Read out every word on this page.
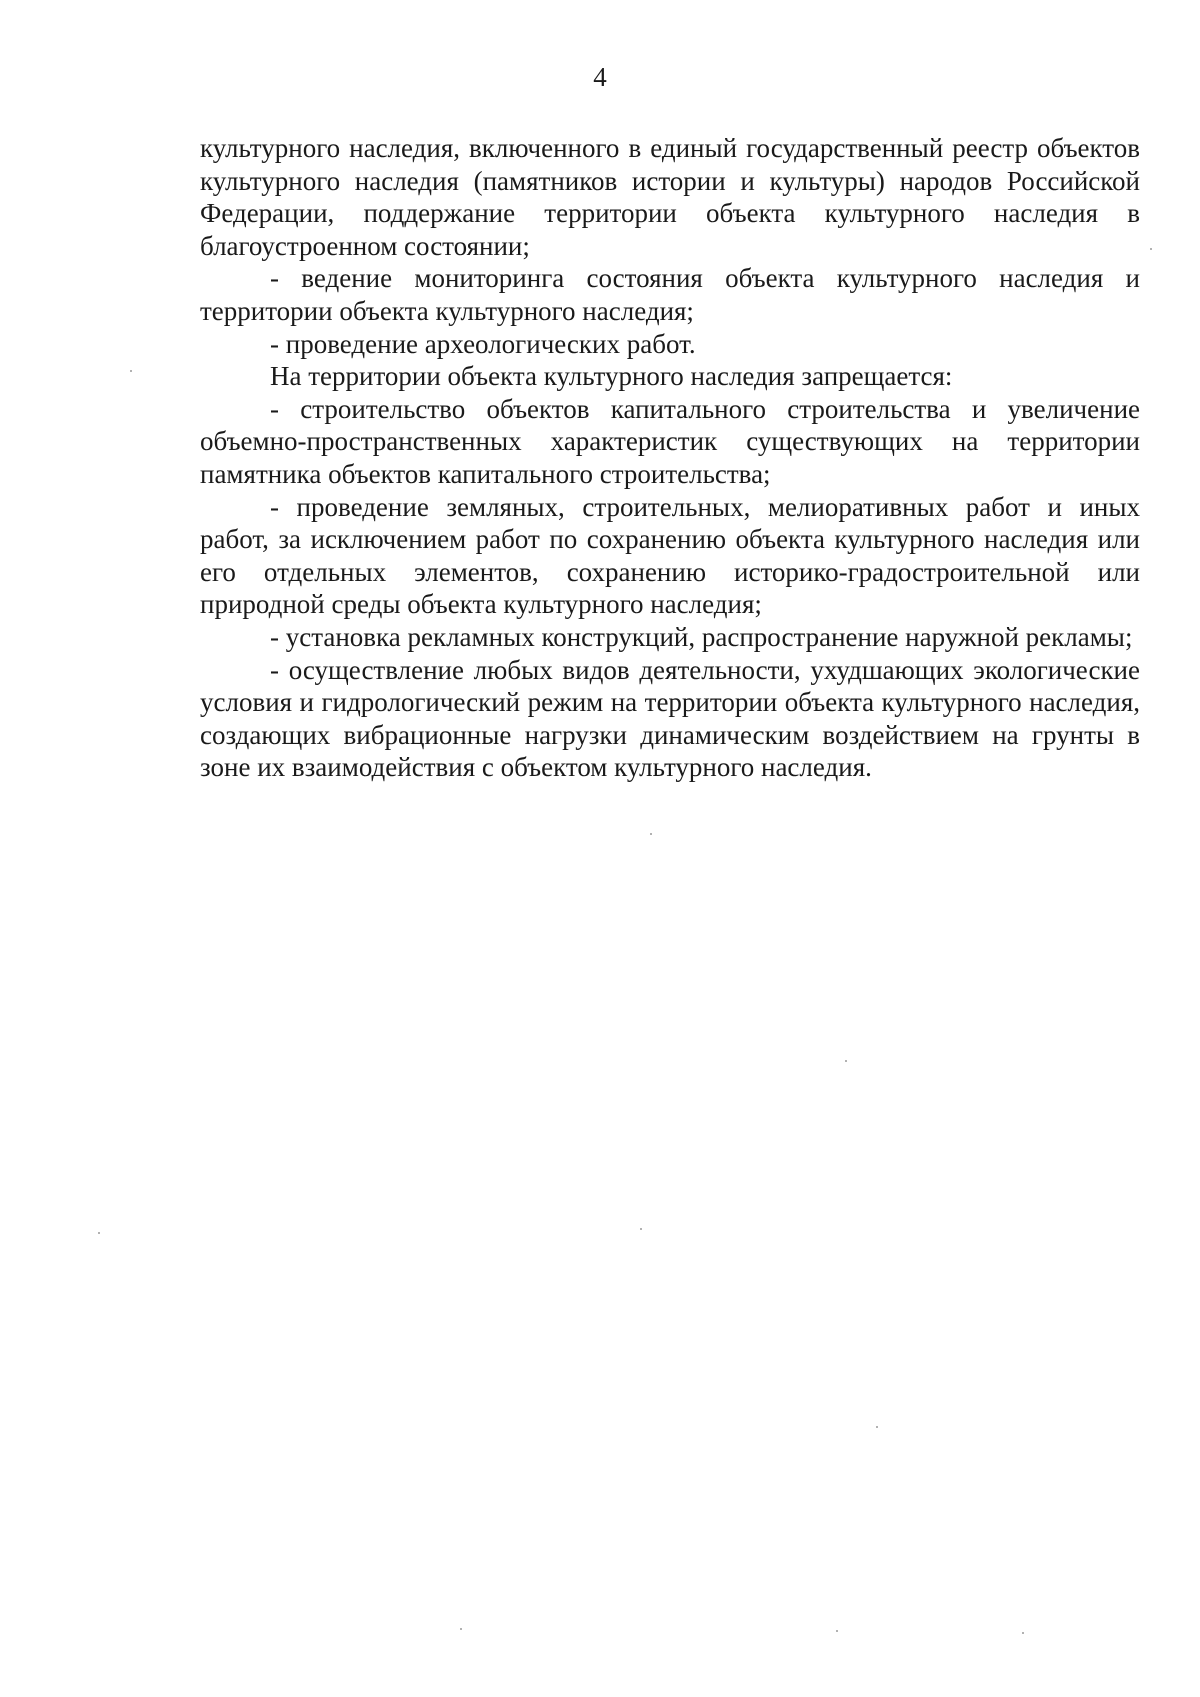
4

культурного наследия, включенного в единый государственный реестр объектов культурного наследия (памятников истории и культуры) народов Российской Федерации, поддержание территории объекта культурного наследия в благоустроенном состоянии;

- ведение мониторинга состояния объекта культурного наследия и территории объекта культурного наследия;

- проведение археологических работ.

На территории объекта культурного наследия запрещается:

- строительство объектов капитального строительства и увеличение объемно-пространственных характеристик существующих на территории памятника объектов капитального строительства;

- проведение земляных, строительных, мелиоративных работ и иных работ, за исключением работ по сохранению объекта культурного наследия или его отдельных элементов, сохранению историко-градостроительной или природной среды объекта культурного наследия;

- установка рекламных конструкций, распространение наружной рекламы;

- осуществление любых видов деятельности, ухудшающих экологические условия и гидрологический режим на территории объекта культурного наследия, создающих вибрационные нагрузки динамическим воздействием на грунты в зоне их взаимодействия с объектом культурного наследия.
